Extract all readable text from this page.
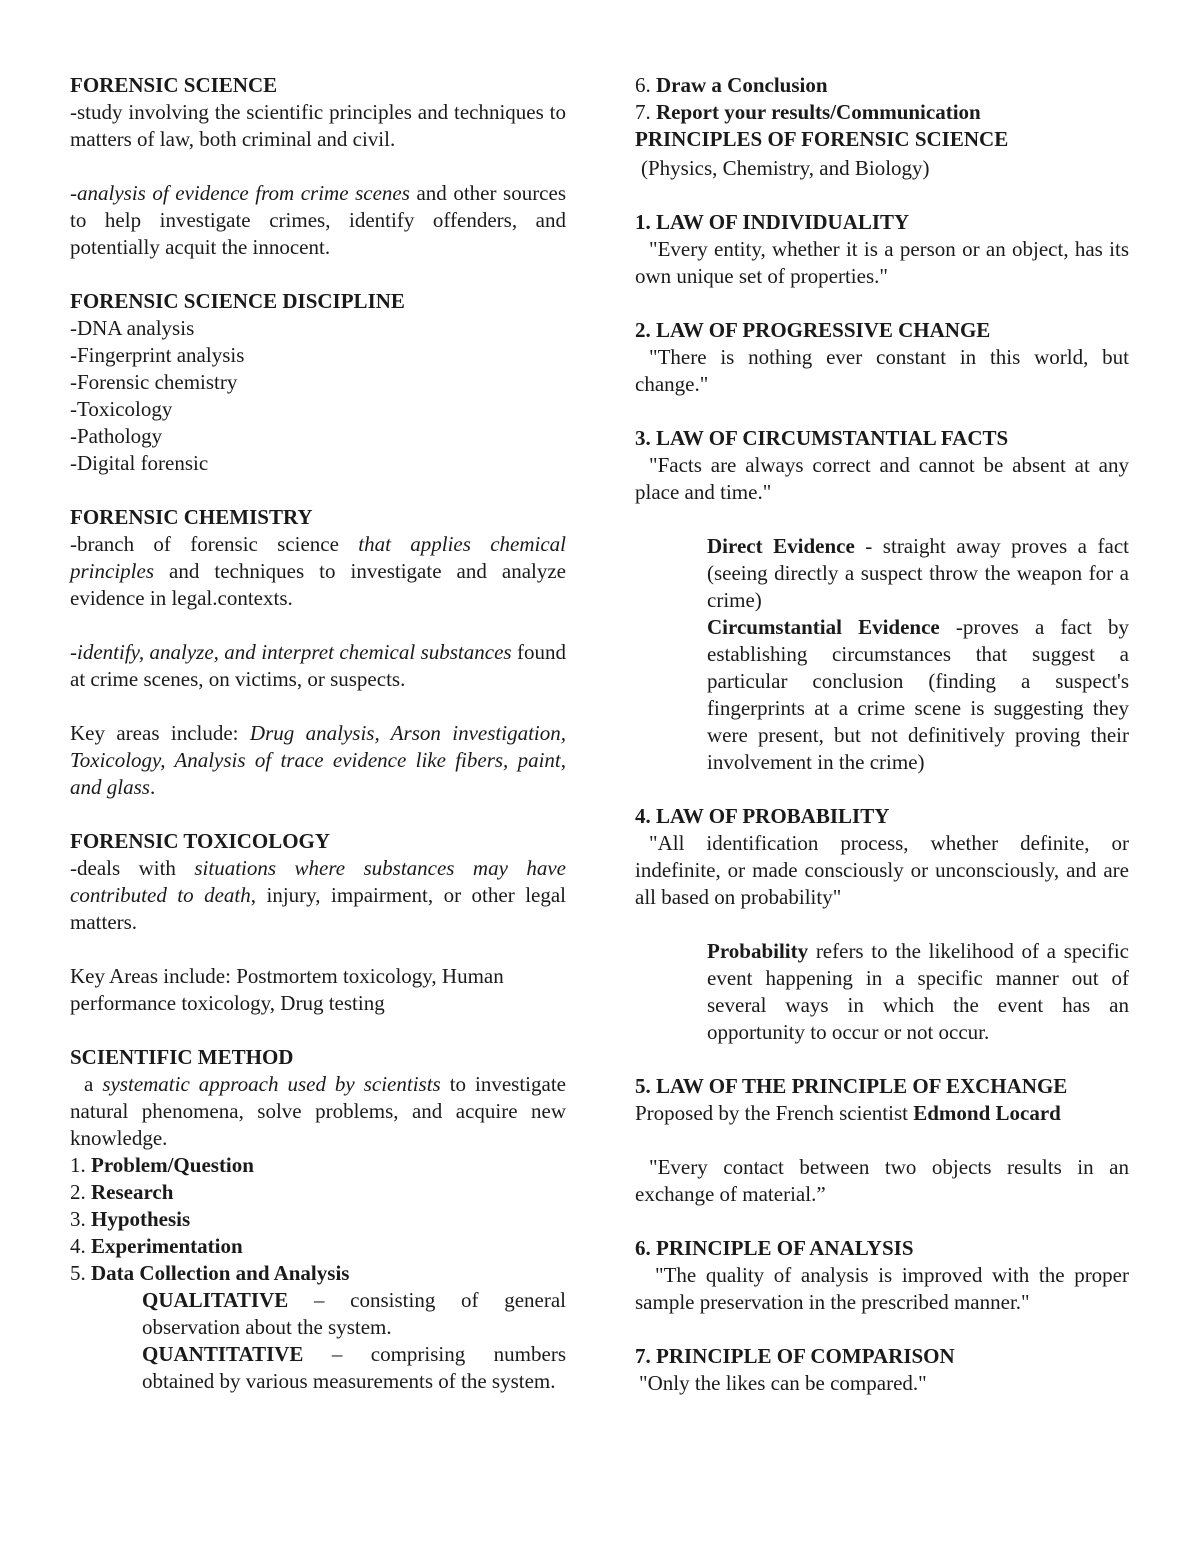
FORENSIC SCIENCE

-study involving the scientific principles and techniques to matters of law, both criminal and civil.

-analysis of evidence from crime scenes and other sources to help investigate crimes, identify offenders, and potentially acquit the innocent.

FORENSIC SCIENCE DISCIPLINE

-DNA analysis

-Fingerprint analysis

-Forensic chemistry

-Toxicology

-Pathology

-Digital forensic

FORENSIC CHEMISTRY

-branch of forensic science that applies chemical principles and techniques to investigate and analyze evidence in legal.contexts.

-identify, analyze, and interpret chemical substances found at crime scenes, on victims, or suspects.

Key areas include: Drug analysis, Arson investigation, Toxicology, Analysis of trace evidence like fibers, paint, and glass.

FORENSIC TOXICOLOGY

-deals with situations where substances may have contributed to death, injury, impairment, or other legal matters.

Key Areas include: Postmortem toxicology, Human performance toxicology, Drug testing

SCIENTIFIC METHOD

a systematic approach used by scientists to investigate natural phenomena, solve problems, and acquire new knowledge.

1. Problem/Question

2. Research

3. Hypothesis

4. Experimentation

5. Data Collection and Analysis

QUALITATIVE – consisting of general observation about the system.

QUANTITATIVE – comprising numbers obtained by various measurements of the system.

6. Draw a Conclusion

7. Report your results/Communication

PRINCIPLES OF FORENSIC SCIENCE

(Physics, Chemistry, and Biology)

1. LAW OF INDIVIDUALITY

"Every entity, whether it is a person or an object, has its own unique set of properties."

2. LAW OF PROGRESSIVE CHANGE

"There is nothing ever constant in this world, but change."

3. LAW OF CIRCUMSTANTIAL FACTS

"Facts are always correct and cannot be absent at any place and time."

Direct Evidence - straight away proves a fact (seeing directly a suspect throw the weapon for a crime)

Circumstantial Evidence -proves a fact by establishing circumstances that suggest a particular conclusion (finding a suspect's fingerprints at a crime scene is suggesting they were present, but not definitively proving their involvement in the crime)

4. LAW OF PROBABILITY

"All identification process, whether definite, or indefinite, or made consciously or unconsciously, and are all based on probability"

Probability refers to the likelihood of a specific event happening in a specific manner out of several ways in which the event has an opportunity to occur or not occur.

5. LAW OF THE PRINCIPLE OF EXCHANGE

Proposed by the French scientist Edmond Locard

"Every contact between two objects results in an exchange of material.”

6. PRINCIPLE OF ANALYSIS

"The quality of analysis is improved with the proper sample preservation in the prescribed manner."

7. PRINCIPLE OF COMPARISON

"Only the likes can be compared."
